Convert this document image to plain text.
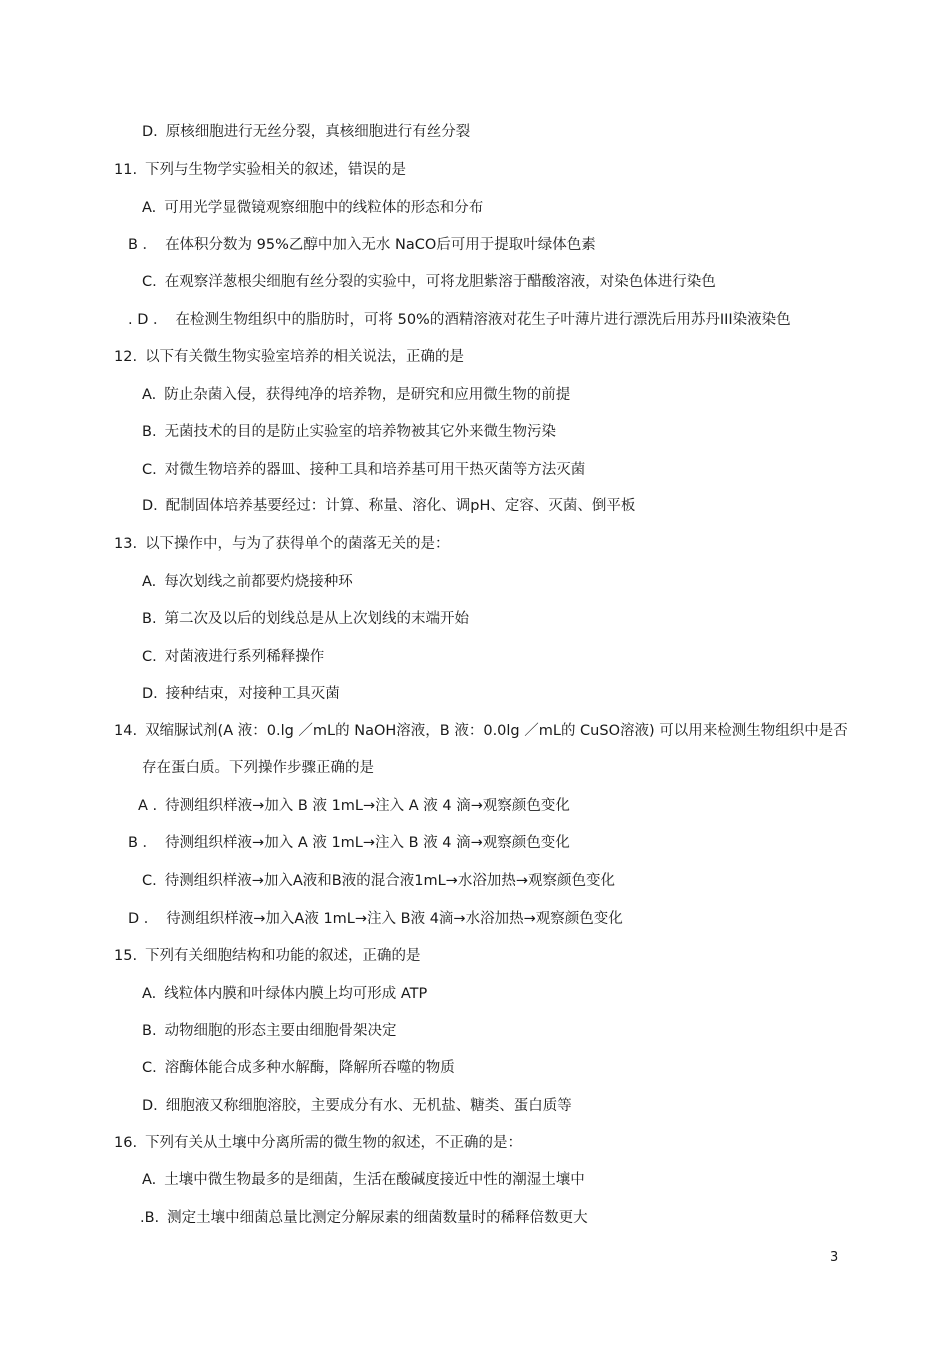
D. 原核细胞进行无丝分裂，真核细胞进行有丝分裂
11. 下列与生物学实验相关的叙述，错误的是
A. 可用光学显微镜观察细胞中的线粒体的形态和分布
B ． 在体积分数为 95%乙醇中加入无水 NaCO后可用于提取叶绿体色素
C. 在观察洋葱根尖细胞有丝分裂的实验中，可将龙胆紫溶于醋酸溶液，对染色体进行染色
. D ． 在检测生物组织中的脂肪时，可将 50%的酒精溶液对花生子叶薄片进行漂洗后用苏丹III染液染色
12. 以下有关微生物实验室培养的相关说法，正确的是
A. 防止杂菌入侵，获得纯净的培养物，是研究和应用微生物的前提
B. 无菌技术的目的是防止实验室的培养物被其它外来微生物污染
C. 对微生物培养的器皿、接种工具和培养基可用干热灭菌等方法灭菌
D. 配制固体培养基要经过：计算、称量、溶化、调pH、定容、灭菌、倒平板
13. 以下操作中，与为了获得单个的菌落无关的是：
A. 每次划线之前都要灼烧接种环
B. 第二次及以后的划线总是从上次划线的末端开始
C. 对菌液进行系列稀释操作
D. 接种结束，对接种工具灭菌
14. 双缩脲试剂(A 液：0.lg ／mL的 NaOH溶液，B 液：0.0lg ／mL的 CuSO溶液) 可以用来检测生物组织中是否
存在蛋白质。下列操作步骤正确的是
A . 待测组织样液→加入 B 液 1mL→注入 A 液 4 滴→观察颜色变化
B ． 待测组织样液→加入 A 液 1mL→注入 B 液 4 滴→观察颜色变化
C. 待测组织样液→加入A液和B液的混合液1mL→水浴加热→观察颜色变化
D ． 待测组织样液→加入A液 1mL→注入 B液 4滴→水浴加热→观察颜色变化
15. 下列有关细胞结构和功能的叙述，正确的是
A. 线粒体内膜和叶绿体内膜上均可形成 ATP
B. 动物细胞的形态主要由细胞骨架决定
C. 溶酶体能合成多种水解酶，降解所吞噬的物质
D. 细胞液又称细胞溶胶，主要成分有水、无机盐、糖类、蛋白质等
16. 下列有关从土壤中分离所需的微生物的叙述，不正确的是：
A. 土壤中微生物最多的是细菌，生活在酸碱度接近中性的潮湿土壤中
.B. 测定土壤中细菌总量比测定分解尿素的细菌数量时的稀释倍数更大
3
